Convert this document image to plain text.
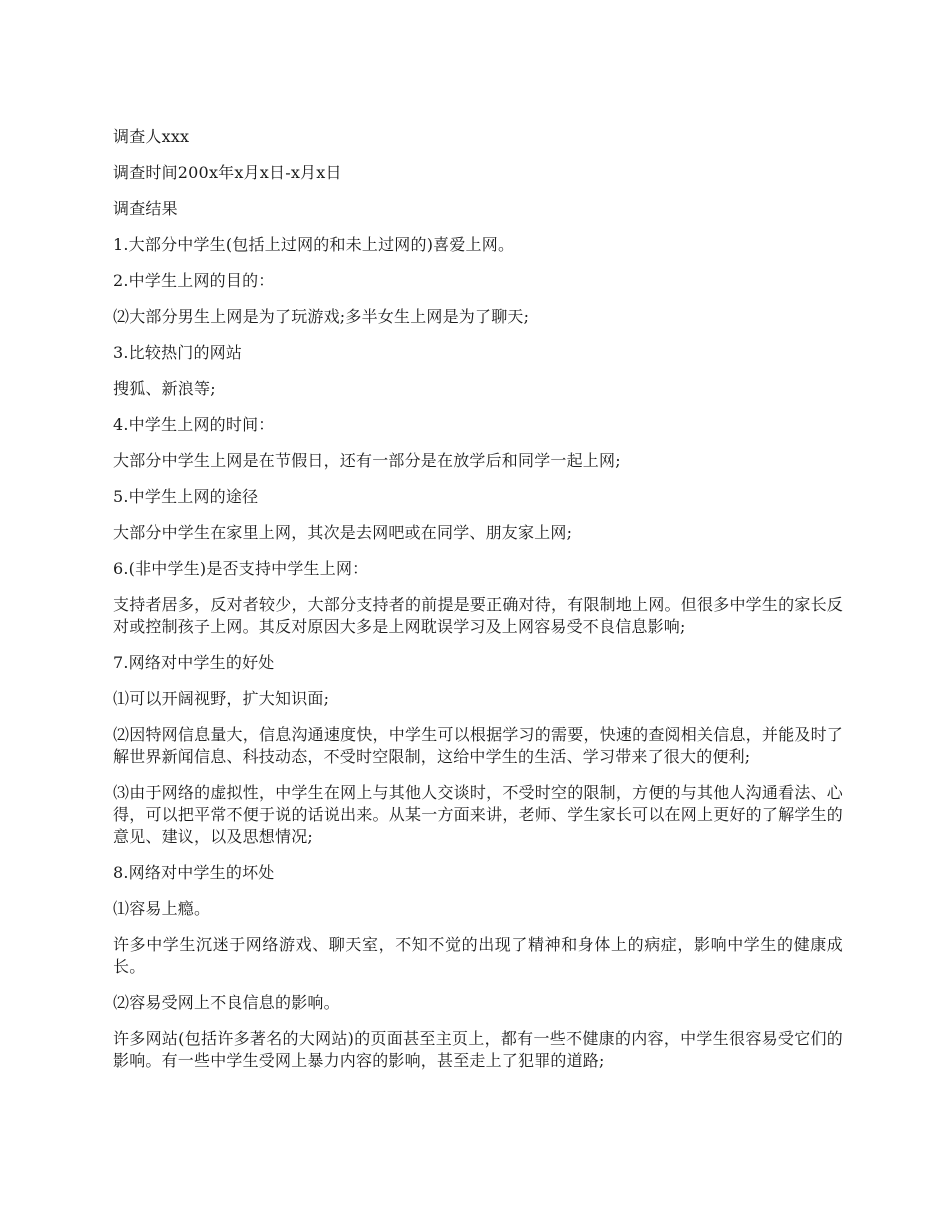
调查人xxx

调查时间200x年x月x日-x月x日

调查结果

1.大部分中学生(包括上过网的和未上过网的)喜爱上网。

2.中学生上网的目的：

⑵大部分男生上网是为了玩游戏;多半女生上网是为了聊天;

3.比较热门的网站

搜狐、新浪等;

4.中学生上网的时间：

大部分中学生上网是在节假日，还有一部分是在放学后和同学一起上网;

5.中学生上网的途径

大部分中学生在家里上网，其次是去网吧或在同学、朋友家上网;

6.(非中学生)是否支持中学生上网：

支持者居多，反对者较少，大部分支持者的前提是要正确对待，有限制地上网。但很多中学生的家长反对或控制孩子上网。其反对原因大多是上网耽误学习及上网容易受不良信息影响;

7.网络对中学生的好处

⑴可以开阔视野，扩大知识面;

⑵因特网信息量大，信息沟通速度快，中学生可以根据学习的需要，快速的查阅相关信息，并能及时了解世界新闻信息、科技动态，不受时空限制，这给中学生的生活、学习带来了很大的便利;

⑶由于网络的虚拟性，中学生在网上与其他人交谈时，不受时空的限制，方便的与其他人沟通看法、心得，可以把平常不便于说的话说出来。从某一方面来讲，老师、学生家长可以在网上更好的了解学生的意见、建议，以及思想情况;

8.网络对中学生的坏处

⑴容易上瘾。

许多中学生沉迷于网络游戏、聊天室，不知不觉的出现了精神和身体上的病症，影响中学生的健康成长。

⑵容易受网上不良信息的影响。

许多网站(包括许多著名的大网站)的页面甚至主页上，都有一些不健康的内容，中学生很容易受它们的影响。有一些中学生受网上暴力内容的影响，甚至走上了犯罪的道路;
